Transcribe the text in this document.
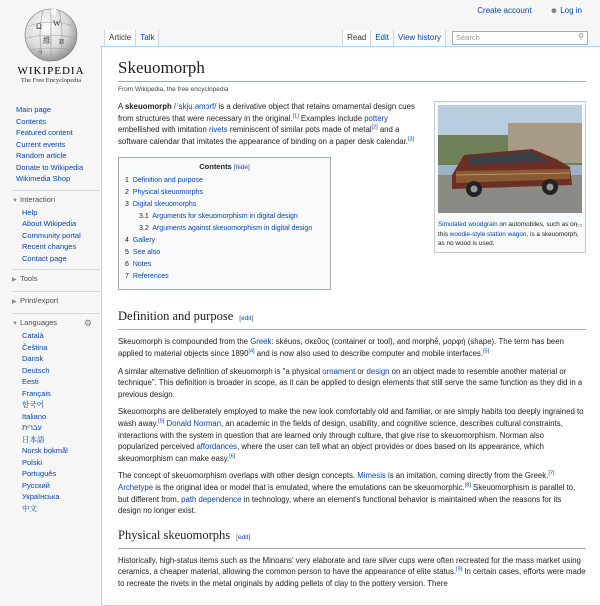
Create account ☻ Log in
Ω W
維 И
ウ
WIKIPEDIA
The Free Encyclopedia
Main page
Contents
Featured content
Current events
Random article
Donate to Wikipedia
Wikimedia Shop
▼ Interaction
Help
About Wikipedia
Community portal
Recent changes
Contact page
▶ Tools
▶ Print/export
▼ Languages	⚙
Català
Čeština
Dansk
Deutsch
Eesti
Français
한국어
Italiano
עברית
日本語
Norsk bokmål
Polski
Português
Русский
Українська
中文
Article	Talk	Read	Edit	View history	Search	⚲
Skeuomorph
From Wikipedia, the free encyclopedia
Simulated woodgrain on automobiles, such as on this woodie-style station wagon, is a skeuomorph, as no wood is used.
▭

A skeuomorph /ˈskjuːəmɔrf/ is a derivative object that retains ornamental design cues from structures that were necessary in the original.[1] Examples include pottery embellished with imitation rivets reminiscent of similar pots made of metal[2] and a software calendar that imitates the appearance of binding on a paper desk calendar.[3]

Contents [hide]
1 Definition and purpose
2 Physical skeuomorphs
3 Digital skeuomorphs
3.1 Arguments for skeuomorphism in digital design
3.2 Arguments against skeuomorphism in digital design
4 Gallery
5 See also
6 Notes
7 References
Definition and purpose [edit]

Skeuomorph is compounded from the Greek: skéuos, σκεῦος (container or tool), and morphḗ, μορφή (shape). The term has been applied to material objects since 1890[4] and is now also used to describe computer and mobile interfaces.[5]

A similar alternative definition of skeuomorph is "a physical ornament or design on an object made to resemble another material or technique". This definition is broader in scope, as it can be applied to design elements that still serve the same function as they did in a previous design.

Skeuomorphs are deliberately employed to make the new look comfortably old and familiar, or are simply habits too deeply ingrained to wash away.[5] Donald Norman, an academic in the fields of design, usability, and cognitive science, describes cultural constraints, interactions with the system in question that are learned only through culture, that give rise to skeuomorphism. Norman also popularized perceived affordances, where the user can tell what an object provides or does based on its appearance, which skeuomorphism can make easy.[6]

The concept of skeuomorphism overlaps with other design concepts. Mimesis is an imitation, coming directly from the Greek.[7] Archetype is the original idea or model that is emulated, where the emulations can be skeuomorphic.[8] Skeuomorphism is parallel to, but different from, path dependence in technology, where an element's functional behavior is maintained when the reasons for its design no longer exist.

Physical skeuomorphs [edit]

Historically, high-status items such as the Minoans' very elaborate and rare silver cups were often recreated for the mass market using ceramics, a cheaper material, allowing the common person to have the appearance of elite status.[9] In certain cases, efforts were made to recreate the rivets in the metal originals by adding pellets of clay to the pottery version. There
